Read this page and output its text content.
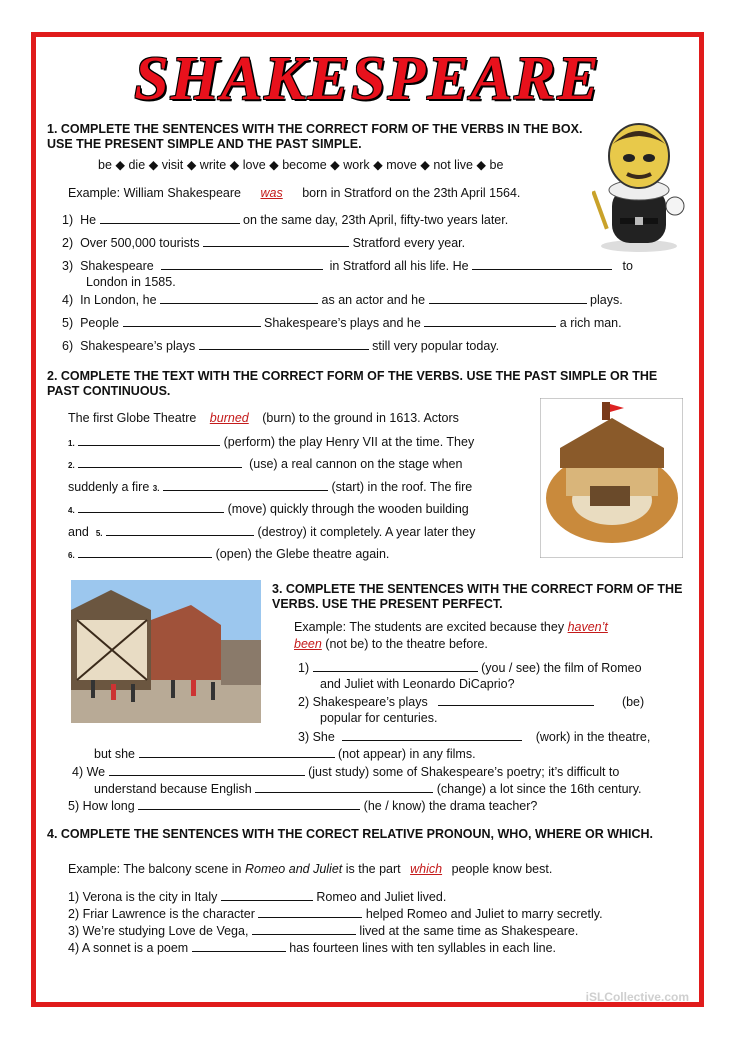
SHAKESPEARE
1. COMPLETE THE SENTENCES WITH THE CORRECT FORM OF THE VERBS IN THE BOX. USE THE PRESENT SIMPLE AND THE PAST SIMPLE.
be ◆ die ◆ visit ◆ write ◆ love ◆ become ◆ work ◆ move ◆ not live ◆ be
Example: William Shakespeare was born in Stratford on the 23th April 1564.
1) He	on the same day, 23th April, fifty-two years later.
2) Over 500,000 tourists	Stratford every year.
3) Shakespeare	in Stratford all his life. He	to
London in 1585.
4) In London, he	as an actor and he	plays.
5) People	Shakespeare’s plays and he	a rich man.
6) Shakespeare’s plays	still very popular today.
2. COMPLETE THE TEXT WITH THE CORRECT FORM OF THE VERBS. USE THE PAST SIMPLE OR THE PAST CONTINUOUS.
The first Globe Theatre burned (burn) to the ground in 1613. Actors
1.	(perform) the play Henry VII at the time. They
2.	(use) a real cannon on the stage when
suddenly a fire 3.	(start) in the roof. The fire
4.	(move) quickly through the wooden building
and 5.	(destroy) it completely. A year later they
6.	(open) the Glebe theatre again.
3. COMPLETE THE SENTENCES WITH THE CORRECT FORM OF THE VERBS. USE THE PRESENT PERFECT.
Example: The students are excited because they haven’t
been (not be) to the theatre before.
1)	(you / see) the film of Romeo
and Juliet with Leonardo DiCaprio?
2) Shakespeare’s plays	(be)
popular for centuries.
3) She	(work) in the theatre,
but she	(not appear) in any films.
4) We	(just study) some of Shakespeare’s poetry; it’s difficult to
understand because English	(change) a lot since the 16th century.
5) How long	(he / know) the drama teacher?
4. COMPLETE THE SENTENCES WITH THE CORECT RELATIVE PRONOUN, WHO, WHERE OR WHICH.
Example: The balcony scene in Romeo and Juliet is the part which people know best.
1) Verona is the city in Italy	Romeo and Juliet lived.
2) Friar Lawrence is the character	helped Romeo and Juliet to marry secretly.
3) We’re studying Love de Vega,	lived at the same time as Shakespeare.
4) A sonnet is a poem	has fourteen lines with ten syllables in each line.
iSLCollective.com
